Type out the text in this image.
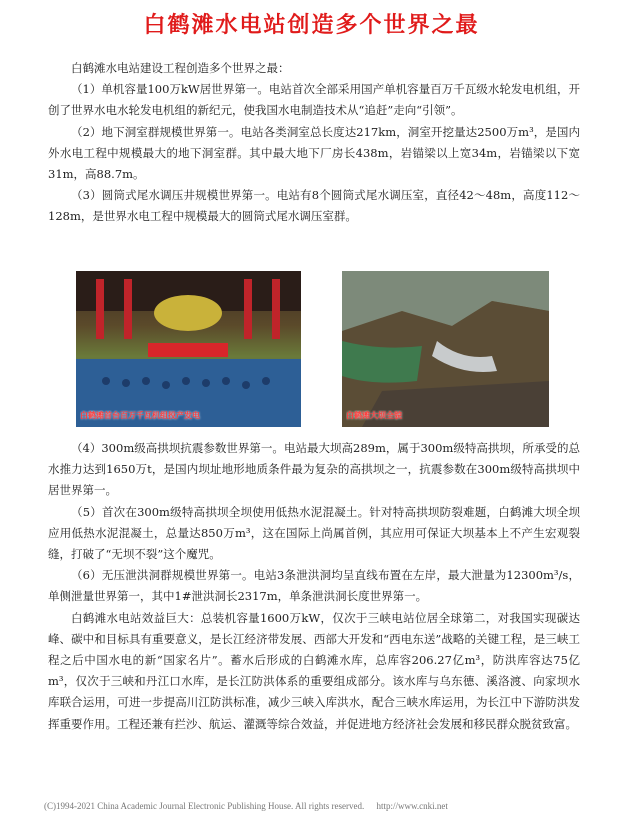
白鹤滩水电站创造多个世界之最

白鹤滩水电站建设工程创造多个世界之最：

（1）单机容量100万kW居世界第一。电站首次全部采用国产单机容量百万千瓦级水轮发电机组，开创了世界水电水轮发电机组的新纪元，使我国水电制造技术从“追赶”走向“引领”。

（2）地下洞室群规模世界第一。电站各类洞室总长度达217km，洞室开挖量达2500万m³，是国内外水电工程中规模最大的地下洞室群。其中最大地下厂房长438m，岩锚梁以上宽34m，岩锚梁以下宽31m，高88.7m。

（3）圆筒式尾水调压井规模世界第一。电站有8个圆筒式尾水调压室，直径42～48m，高度112～128m，是世界水电工程中规模最大的圆筒式尾水调压室群。

白鹤滩首台百万千瓦机组投产发电	白鹤滩大坝全貌

（4）300m级高拱坝抗震参数世界第一。电站最大坝高289m，属于300m级特高拱坝，所承受的总水推力达到1650万t，是国内坝址地形地质条件最为复杂的高拱坝之一，抗震参数在300m级特高拱坝中居世界第一。

（5）首次在300m级特高拱坝全坝使用低热水泥混凝土。针对特高拱坝防裂难题，白鹤滩大坝全坝应用低热水泥混凝土，总量达850万m³，这在国际上尚属首例，其应用可保证大坝基本上不产生宏观裂缝，打破了“无坝不裂”这个魔咒。

（6）无压泄洪洞群规模世界第一。电站3条泄洪洞均呈直线布置在左岸，最大泄量为12300m³/s，单侧泄量世界第一，其中1#泄洪洞长2317m，单条泄洪洞长度世界第一。

白鹤滩水电站效益巨大：总装机容量1600万kW，仅次于三峡电站位居全球第二，对我国实现碳达峰、碳中和目标具有重要意义，是长江经济带发展、西部大开发和“西电东送”战略的关键工程，是三峡工程之后中国水电的新“国家名片”。蓄水后形成的白鹤滩水库，总库容206.27亿m³，防洪库容达75亿m³，仅次于三峡和丹江口水库，是长江防洪体系的重要组成部分。该水库与乌东德、溪洛渡、向家坝水库联合运用，可进一步提高川江防洪标准，减少三峡入库洪水，配合三峡水库运用，为长江中下游防洪发挥重要作用。工程还兼有拦沙、航运、灌溉等综合效益，并促进地方经济社会发展和移民群众脱贫致富。

(C)1994-2021 China Academic Journal Electronic Publishing House. All rights reserved. http://www.cnki.net
